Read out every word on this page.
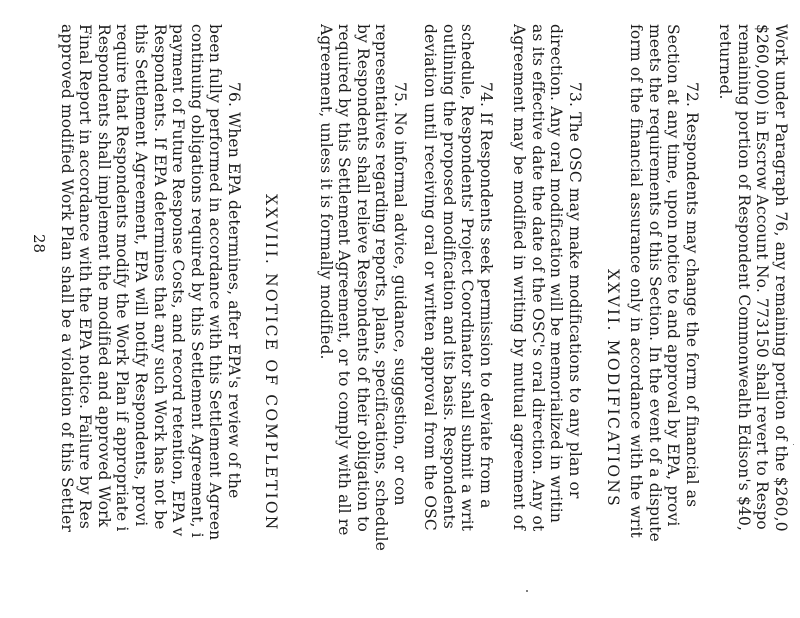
Work under Paragraph 76, any remaining portion of the $260,0
$260,000) in Escrow Account No. 773150 shall revert to Respo
remaining portion of Respondent Commonwealth Edison's $40,
returned.
72. Respondents may change the form of financial as
Section at any time, upon notice to and approval by EPA, provi
meets the requirements of this Section. In the event of a dispute
form of the financial assurance only in accordance with the writ
XXVII. MODIFICATIONS
73. The OSC may make modifications to any plan or
direction. Any oral modification will be memorialized in writin
as its effective date the date of the OSC's oral direction. Any ot
Agreement may be modified in writing by mutual agreement of
74. If Respondents seek permission to deviate from a
schedule, Respondents' Project Coordinator shall submit a writ
outlining the proposed modification and its basis. Respondents
deviation until receiving oral or written approval from the OSC
75. No informal advice, guidance, suggestion, or con
representatives regarding reports, plans, specifications, schedule
by Respondents shall relieve Respondents of their obligation to
required by this Settlement Agreement, or to comply with all re
Agreement, unless it is formally modified.
XXVIII. NOTICE OF COMPLETION
76. When EPA determines, after EPA's review of the
been fully performed in accordance with this Settlement Agreen
continuing obligations required by this Settlement Agreement, i
payment of Future Response Costs, and record retention, EPA v
Respondents. If EPA determines that any such Work has not be
this Settlement Agreement, EPA will notify Respondents, provi
require that Respondents modify the Work Plan if appropriate i
Respondents shall implement the modified and approved Work
Final Report in accordance with the EPA notice. Failure by Res
approved modified Work Plan shall be a violation of this Settler
28
